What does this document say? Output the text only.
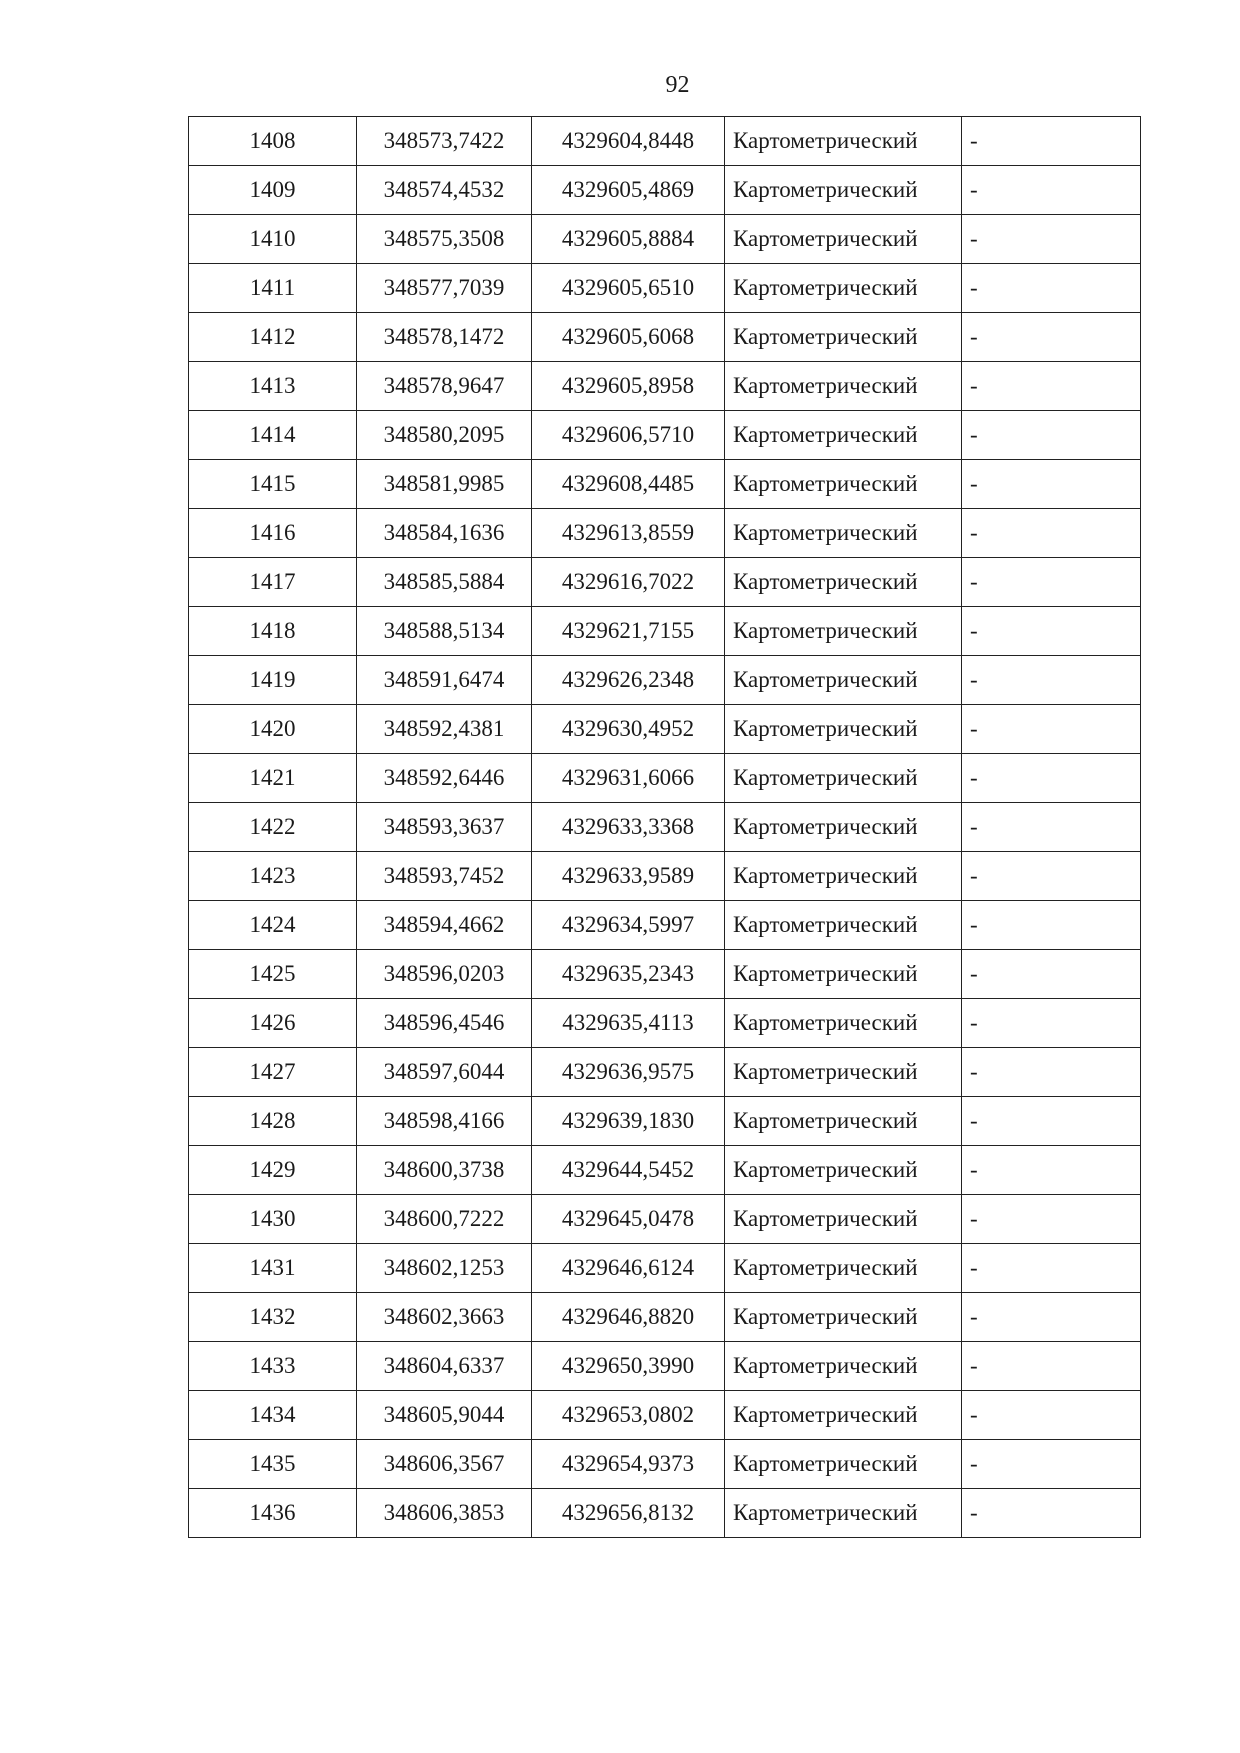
92
1408	348573,7422	4329604,8448	Картометрический	-
1409	348574,4532	4329605,4869	Картометрический	-
1410	348575,3508	4329605,8884	Картометрический	-
1411	348577,7039	4329605,6510	Картометрический	-
1412	348578,1472	4329605,6068	Картометрический	-
1413	348578,9647	4329605,8958	Картометрический	-
1414	348580,2095	4329606,5710	Картометрический	-
1415	348581,9985	4329608,4485	Картометрический	-
1416	348584,1636	4329613,8559	Картометрический	-
1417	348585,5884	4329616,7022	Картометрический	-
1418	348588,5134	4329621,7155	Картометрический	-
1419	348591,6474	4329626,2348	Картометрический	-
1420	348592,4381	4329630,4952	Картометрический	-
1421	348592,6446	4329631,6066	Картометрический	-
1422	348593,3637	4329633,3368	Картометрический	-
1423	348593,7452	4329633,9589	Картометрический	-
1424	348594,4662	4329634,5997	Картометрический	-
1425	348596,0203	4329635,2343	Картометрический	-
1426	348596,4546	4329635,4113	Картометрический	-
1427	348597,6044	4329636,9575	Картометрический	-
1428	348598,4166	4329639,1830	Картометрический	-
1429	348600,3738	4329644,5452	Картометрический	-
1430	348600,7222	4329645,0478	Картометрический	-
1431	348602,1253	4329646,6124	Картометрический	-
1432	348602,3663	4329646,8820	Картометрический	-
1433	348604,6337	4329650,3990	Картометрический	-
1434	348605,9044	4329653,0802	Картометрический	-
1435	348606,3567	4329654,9373	Картометрический	-
1436	348606,3853	4329656,8132	Картометрический	-
